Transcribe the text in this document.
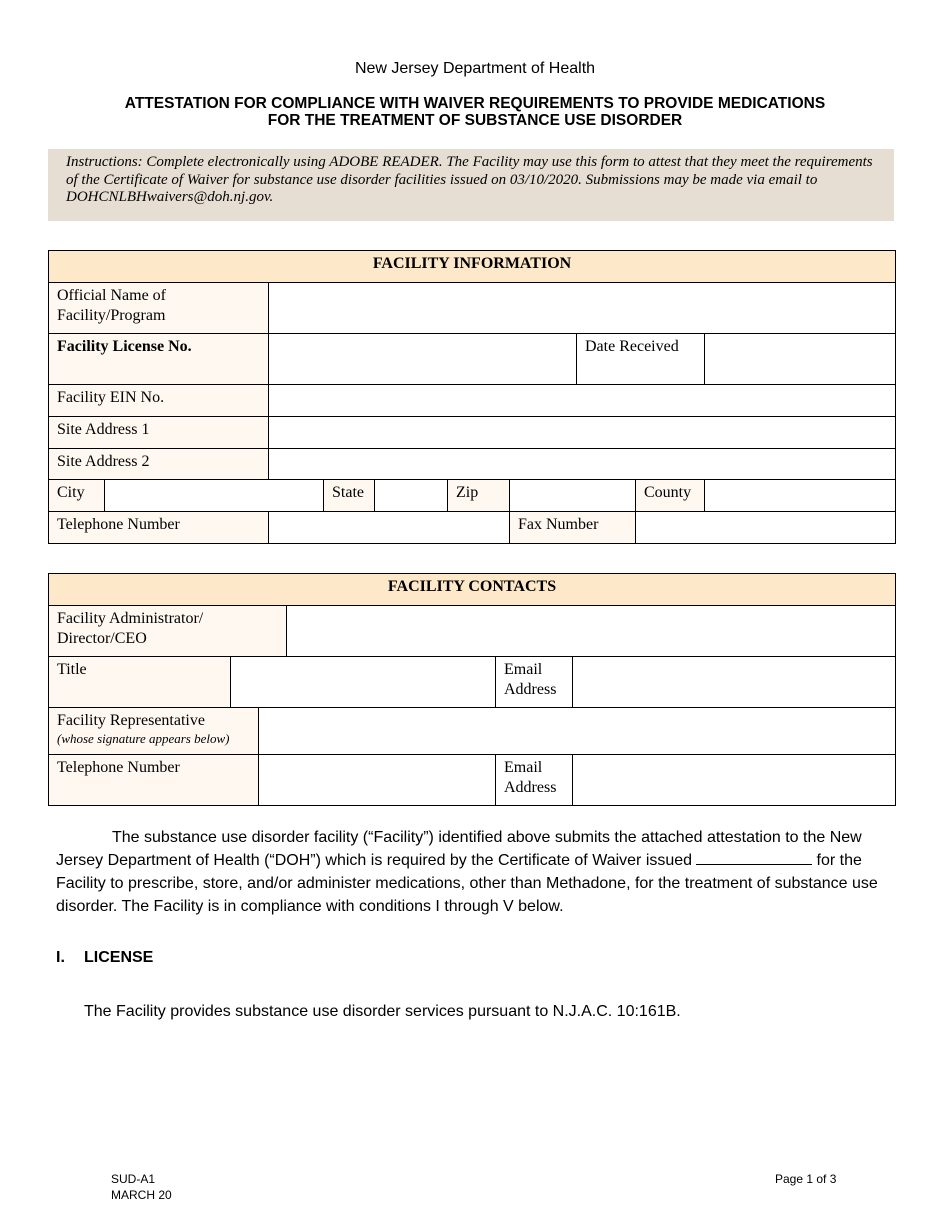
New Jersey Department of Health
ATTESTATION FOR COMPLIANCE WITH WAIVER REQUIREMENTS TO PROVIDE MEDICATIONS
FOR THE TREATMENT OF SUBSTANCE USE DISORDER
Instructions: Complete electronically using ADOBE READER. The Facility may use this form to attest that they meet the requirements of the Certificate of Waiver for substance use disorder facilities issued on 03/10/2020. Submissions may be made via email to DOHCNLBHwaivers@doh.nj.gov.
FACILITY INFORMATION									
Official Name of Facility/Program									
Facility License No.							Date Received		
Facility EIN No.									
Site Address 1									
Site Address 2									
City			State		Zip			County	
Telephone Number						Fax Number			
FACILITY CONTACTS					
Facility Administrator/ Director/CEO					
Title				Email Address	

Facility Representative
(whose signature appears below)					

Telephone Number				Email Address	
The substance use disorder facility (“Facility”) identified above submits the attached attestation to the New Jersey Department of Health (“DOH”) which is required by the Certificate of Waiver issued	for the Facility to prescribe, store, and/or administer medications, other than Methadone, for the treatment of substance use disorder. The Facility is in compliance with conditions I through V below.
I. LICENSE
The Facility provides substance use disorder services pursuant to N.J.A.C. 10:161B.
SUD-A1
MARCH 20
Page 1 of 3
